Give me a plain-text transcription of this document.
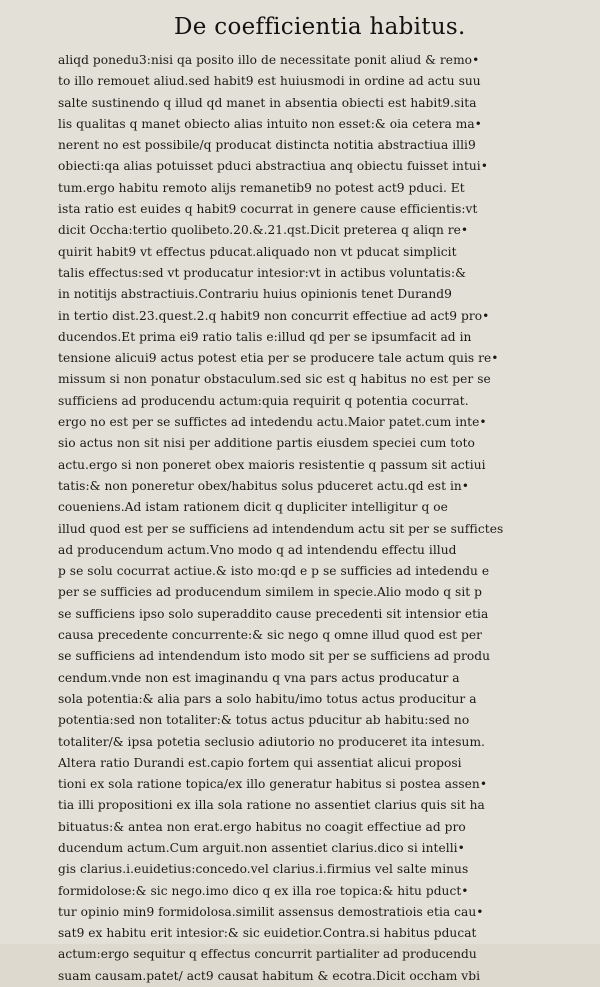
De coefficientia habitus.
aliqd ponedu3:nisi qa posito illo de necessitate ponit aliud & remo•
to illo remouet aliud.sed habit9 est huiusmodi in ordine ad actu suu
salte sustinendo q illud qd manet in absentia obiecti est habit9.sita
lis qualitas q manet obiecto alias intuito non esset:& oia cetera ma•
nerent no est possibile/q producat distincta notitia abstractiua illi9
obiecti:qa alias potuisset pduci abstractiua anq obiectu fuisset intui•
tum.ergo habitu remoto alijs remanetib9 no potest act9 pduci. Et
ista ratio est euides q habit9 cocurrat in genere cause efficientis:vt
dicit Occha:tertio quolibeto.20.&.21.qst.Dicit preterea q aliqn re•
quirit habit9 vt effectus pducat.aliquado non vt pducat simplicit
talis effectus:sed vt producatur intesior:vt in actibus voluntatis:&
in notitijs abstractiuis.Contrariu huius opinionis tenet Durand9
in tertio dist.23.quest.2.q habit9 non concurrit effectiue ad act9 pro•
ducendos.Et prima ei9 ratio talis e:illud qd per se ipsumfacit ad in
tensione alicui9 actus potest etia per se producere tale actum quis re•
missum si non ponatur obstaculum.sed sic est q habitus no est per se
sufficiens ad producendu actum:quia requirit q potentia cocurrat.
ergo no est per se suffictes ad intedendu actu.Maior patet.cum inte•
sio actus non sit nisi per additione partis eiusdem speciei cum toto
actu.ergo si non poneret obex maioris resistentie q passum sit actiui
tatis:& non poneretur obex/habitus solus pduceret actu.qd est in•
coueniens.Ad istam rationem dicit q dupliciter intelligitur q oe
illud quod est per se sufficiens ad intendendum actu sit per se suffictes
ad producendum actum.Vno modo q ad intendendu effectu illud
p se solu cocurrat actiue.& isto mo:qd e p se sufficies ad intedendu e
per se sufficies ad producendum similem in specie.Alio modo q sit p
se sufficiens ipso solo superaddito cause precedenti sit intensior etia
causa precedente concurrente:& sic nego q omne illud quod est per
se sufficiens ad intendendum isto modo sit per se sufficiens ad produ
cendum.vnde non est imaginandu q vna pars actus producatur a
sola potentia:& alia pars a solo habitu/imo totus actus producitur a
potentia:sed non totaliter:& totus actus pducitur ab habitu:sed no
totaliter/& ipsa potetia seclusio adiutorio no produceret ita intesum.
Altera ratio Durandi est.capio fortem qui assentiat alicui proposi
tioni ex sola ratione topica/ex illo generatur habitus si postea assen•
tia illi propositioni ex illa sola ratione no assentiet clarius quis sit ha
bituatus:& antea non erat.ergo habitus no coagit effectiue ad pro
ducendum actum.Cum arguit.non assentiet clarius.dico si intelli•
gis clarius.i.euidetius:concedo.vel clarius.i.firmius vel salte minus
formidolose:& sic nego.imo dico q ex illa roe topica:& hitu pduct•
tur opinio min9 formidolosa.similit assensus demostratiois etia cau•
sat9 ex habitu erit intesior:& sic euidetior.Contra.si habitus pducat
actum:ergo sequitur q effectus concurrit partialiter ad producendu
suam causam.patet/ act9 causat habitum & ecotra.Dicit occham vbi
